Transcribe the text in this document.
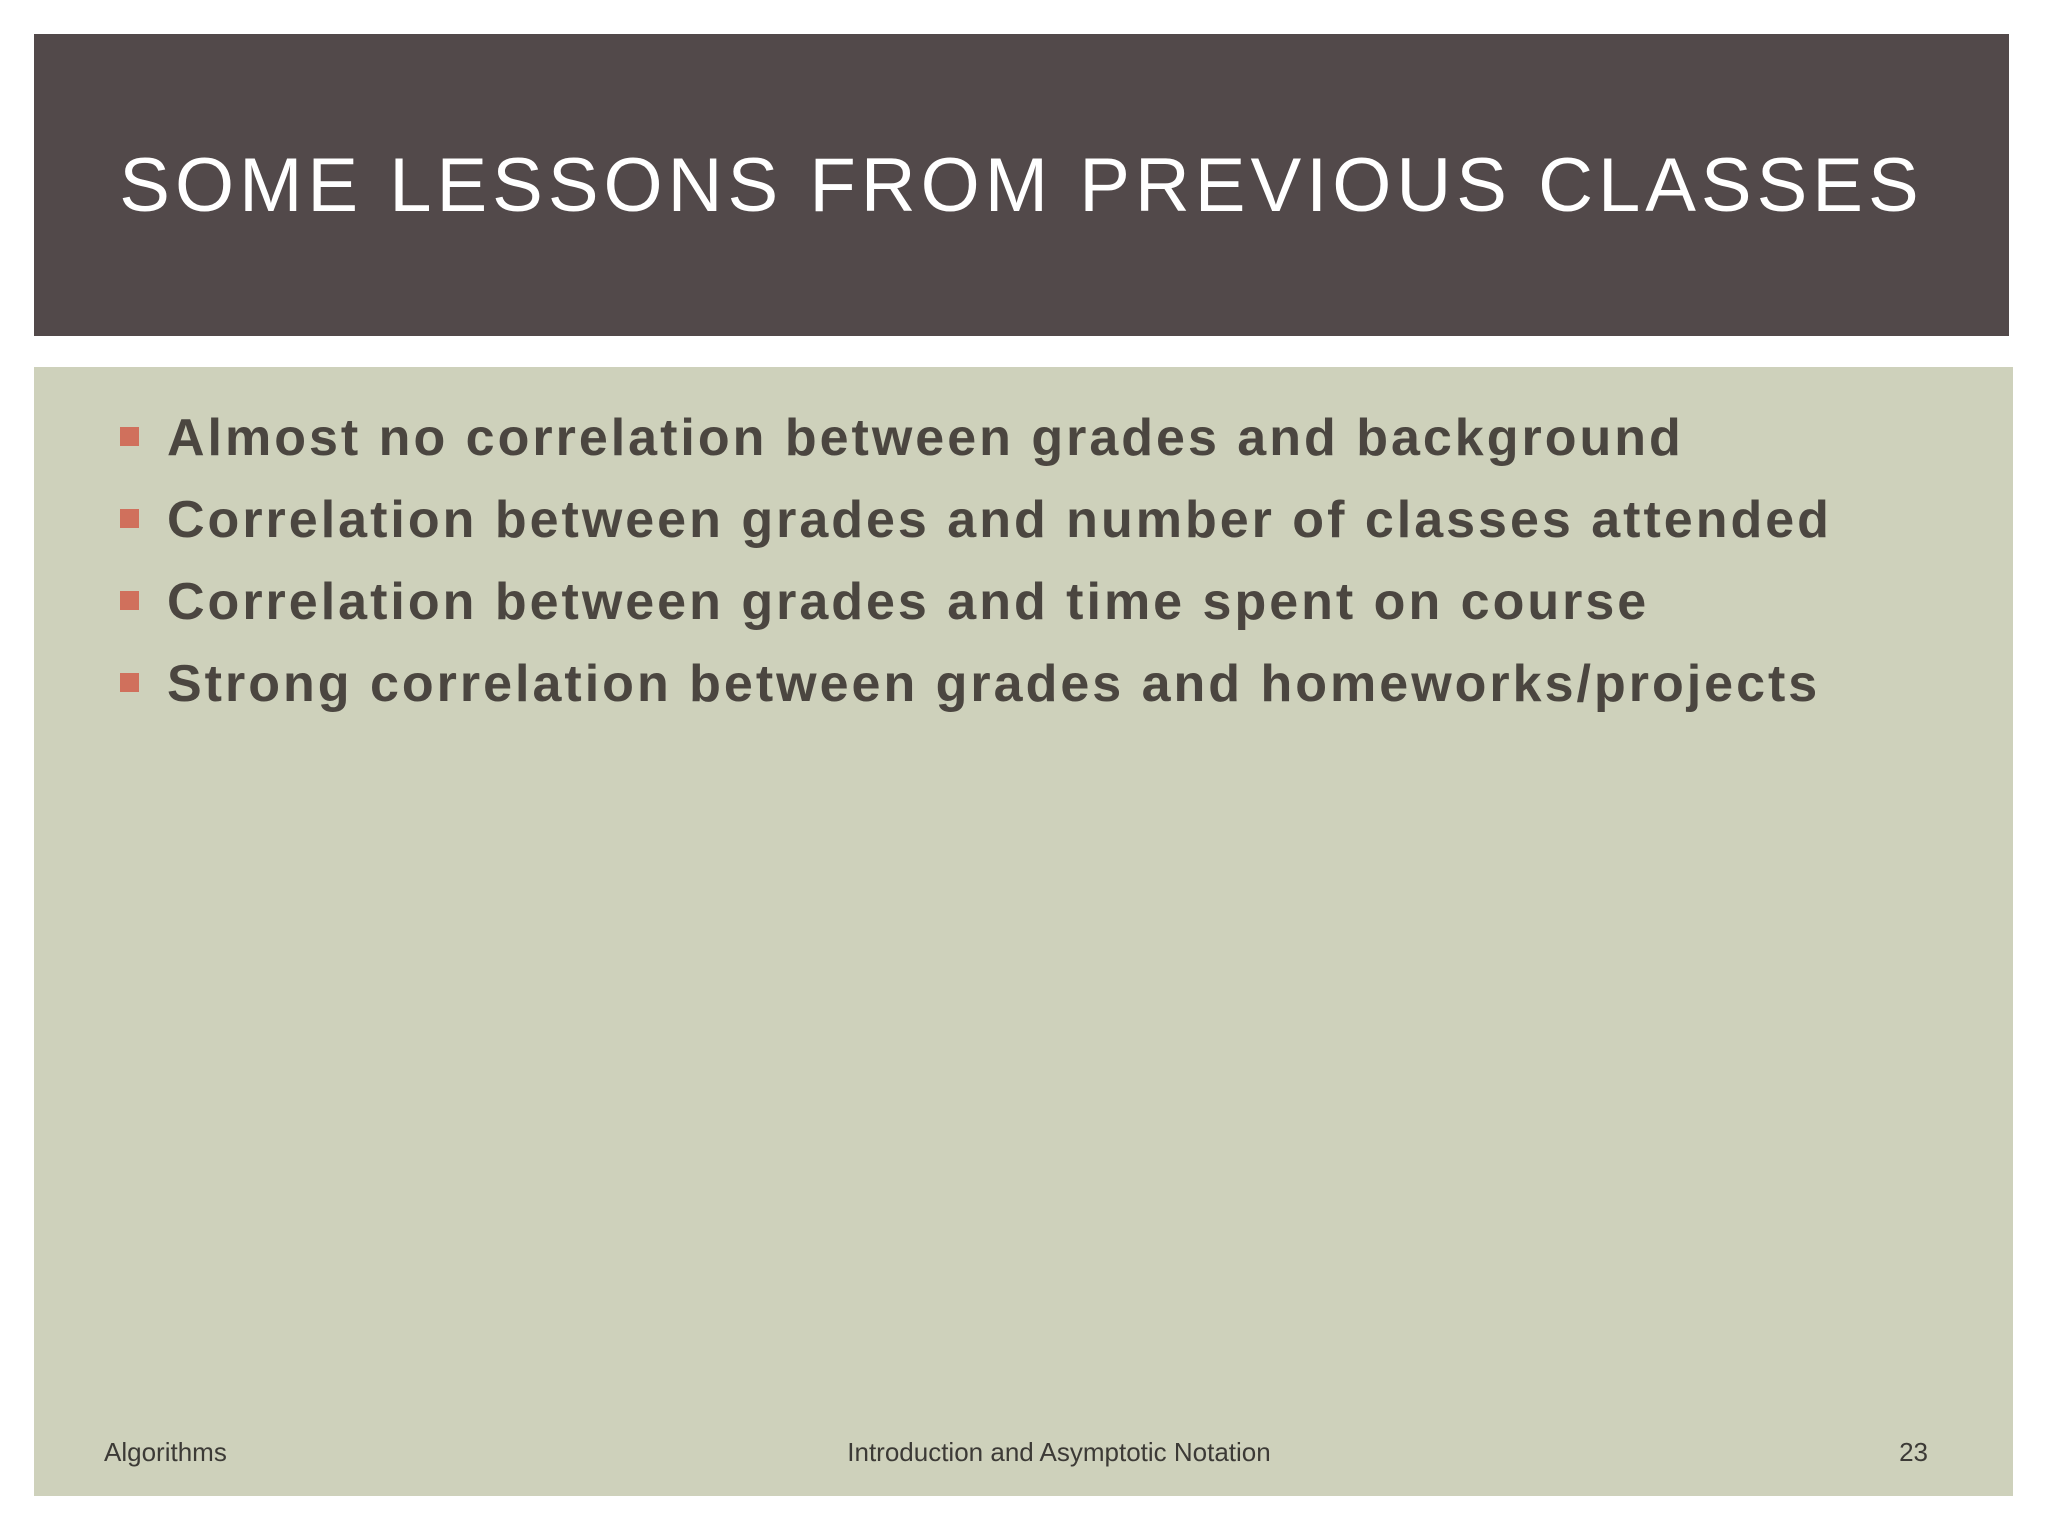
SOME LESSONS FROM PREVIOUS CLASSES
Almost no correlation between grades and background
Correlation between grades and number of classes attended
Correlation between grades and time spent on course
Strong correlation between grades and homeworks/projects
Algorithms	Introduction and Asymptotic Notation	23
